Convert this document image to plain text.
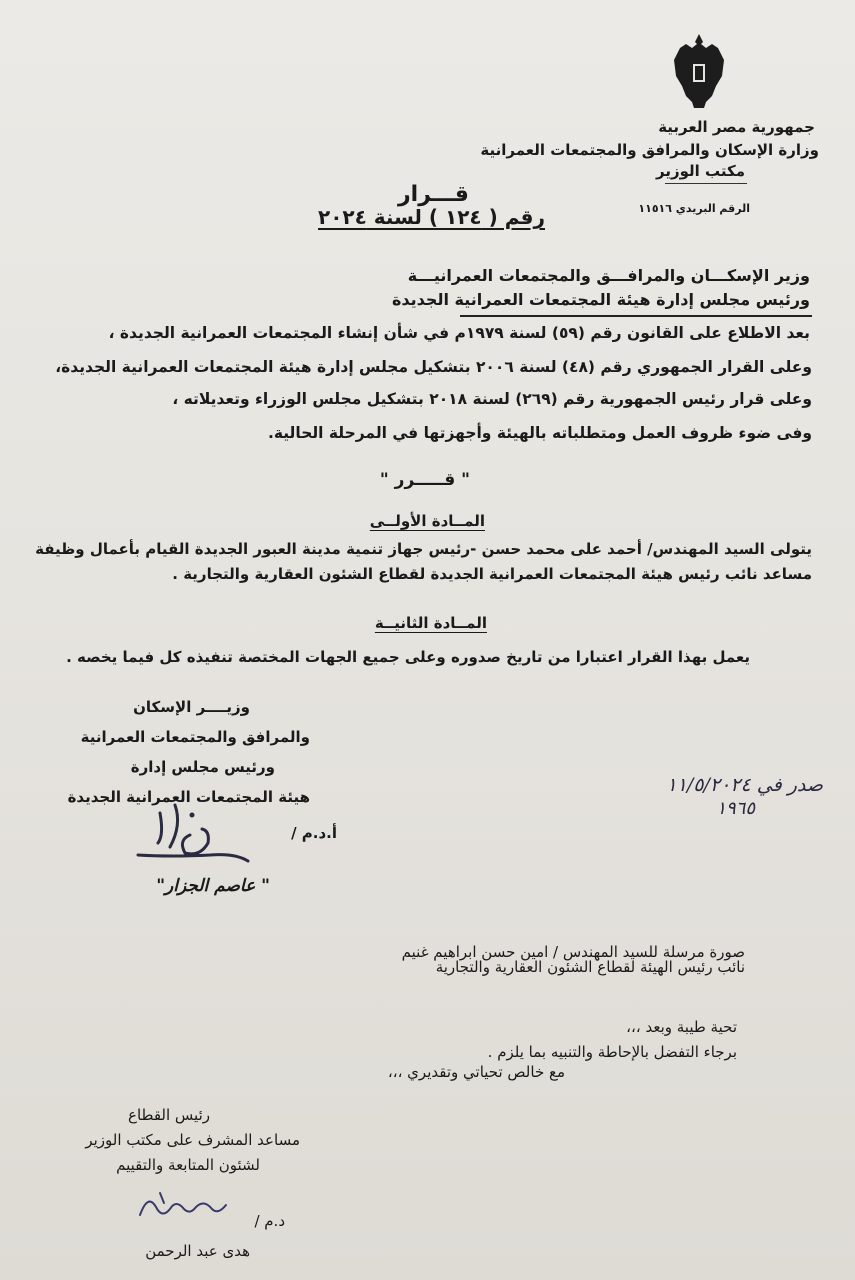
جمهورية مصر العربية
وزارة الإسكان والمرافق والمجتمعات العمرانية
مكتب الوزير
الرقم البريدي ١١٥١٦
قـــرار
رقم ( ١٢٤ ) لسنة ٢٠٢٤
وزير الإسكـــان والمرافـــق والمجتمعات العمرانيـــة
ورئيس مجلس إدارة هيئة المجتمعات العمرانية الجديدة
بعد الاطلاع على القانون رقم (٥٩) لسنة ١٩٧٩م في شأن إنشاء المجتمعات العمرانية الجديدة ،
وعلى القرار الجمهوري رقم (٤٨) لسنة ٢٠٠٦ بتشكيل مجلس إدارة هيئة المجتمعات العمرانية الجديدة،
وعلى قرار رئيس الجمهورية رقم (٢٦٩) لسنة ٢٠١٨ بتشكيل مجلس الوزراء وتعديلاته ،
وفى ضوء ظروف العمل ومتطلباته بالهيئة وأجهزتها في المرحلة الحالية.
" قـــــرر "
المــادة الأولــى
يتولى السيد المهندس/ أحمد على محمد حسن -رئيس جهاز تنمية مدينة العبور الجديدة القيام بأعمال وظيفة
مساعد نائب رئيس هيئة المجتمعات العمرانية الجديدة لقطاع الشئون العقارية والتجارية .
المــادة الثانيــة
يعمل بهذا القرار اعتبارا من تاريخ صدوره وعلى جميع الجهات المختصة تنفيذه كل فيما يخصه .
وزيــــر الإسكان
والمرافق والمجتمعات العمرانية
ورئيس مجلس إدارة
هيئة المجتمعات العمرانية الجديدة
أ.د.م /
" عاصم الجزار"
صدر في ١١/٥/٢٠٢٤
١٩٦٥
صورة مرسلة للسيد المهندس / امين حسن ابراهيم غنيم
نائب رئيس الهيئة لقطاع الشئون العقارية والتجارية
تحية طيبة وبعد ،،،
برجاء التفضل بالإحاطة والتنبيه بما يلزم .
مع خالص تحياتي وتقديري ،،،
رئيس القطاع
مساعد المشرف على مكتب الوزير
لشئون المتابعة والتقييم
د.م /
هدى عبد الرحمن
